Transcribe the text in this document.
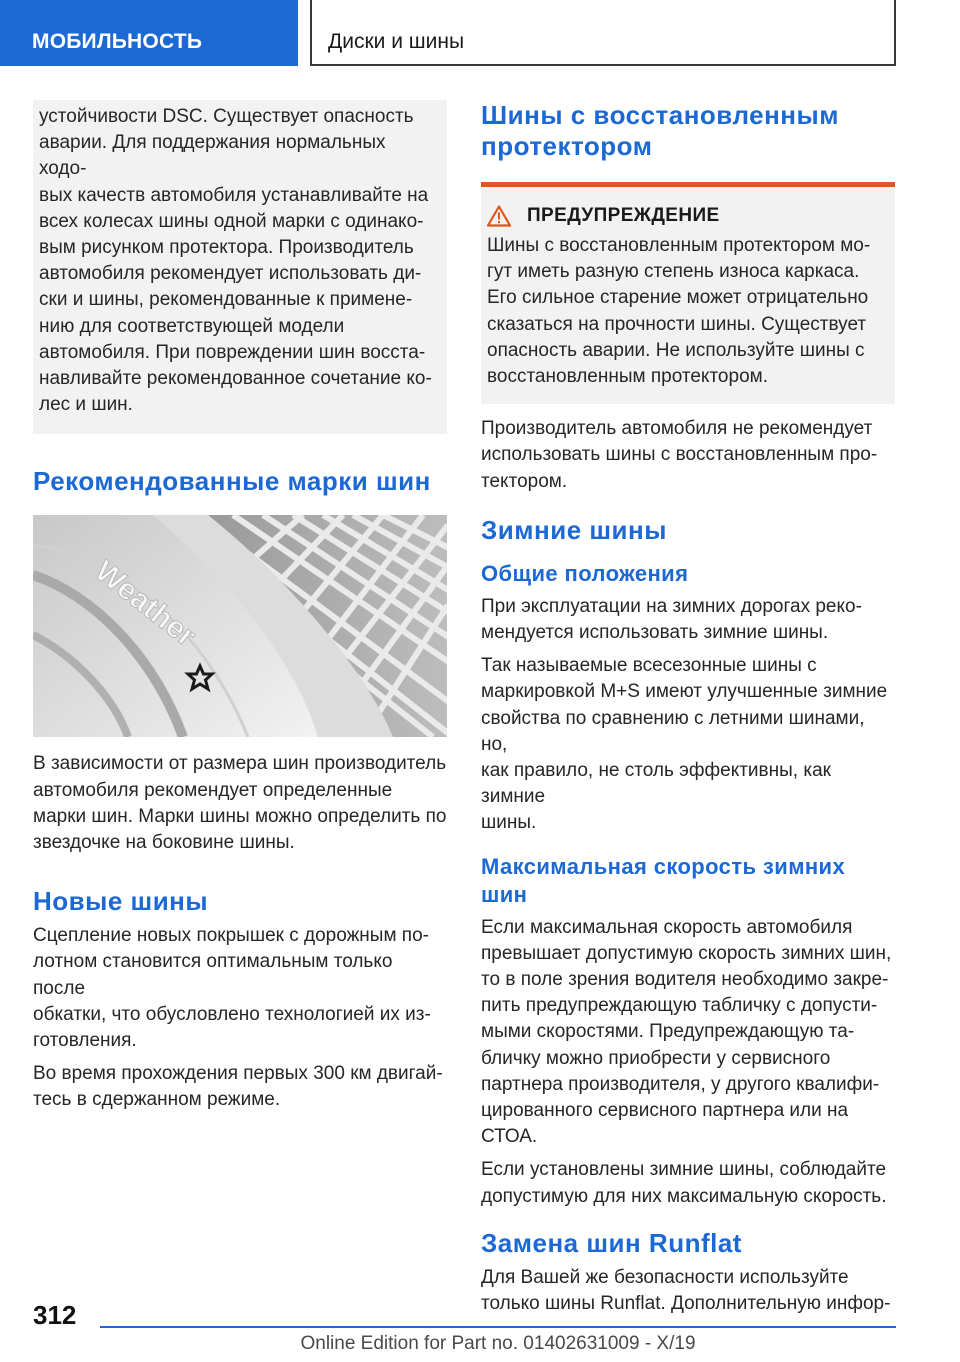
МОБИЛЬНОСТЬ	Диски и шины

устойчивости DSC. Существует опасность
аварии. Для поддержания нормальных ходо-
вых качеств автомобиля устанавливайте на
всех колесах шины одной марки с одинако-
вым рисунком протектора. Производитель
автомобиля рекомендует использовать ди-
ски и шины, рекомендованные к примене-
нию для соответствующей модели
автомобиля. При повреждении шин восста-
навливайте рекомендованное сочетание ко-
лес и шин.

Рекомендованные марки шин
Weather

В зависимости от размера шин производитель
автомобиля рекомендует определенные
марки шин. Марки шины можно определить по
звездочке на боковине шины.

Новые шины

Сцепление новых покрышек с дорожным по-
лотном становится оптимальным только после
обкатки, что обусловлено технологией их из-
готовления.

Во время прохождения первых 300 км двигай-
тесь в сдержанном режиме.

Шины с восстановленным
протектором
ПРЕДУПРЕЖДЕНИЕ

Шины с восстановленным протектором мо-
гут иметь разную степень износа каркаса.
Его сильное старение может отрицательно
сказаться на прочности шины. Существует
опасность аварии. Не используйте шины с
восстановленным протектором.

Производитель автомобиля не рекомендует
использовать шины с восстановленным про-
тектором.

Зимние шины
Общие положения

При эксплуатации на зимних дорогах реко-
мендуется использовать зимние шины.

Так называемые всесезонные шины с
маркировкой M+S имеют улучшенные зимние
свойства по сравнению с летними шинами, но,
как правило, не столь эффективны, как зимние
шины.

Максимальная скорость зимних
шин

Если максимальная скорость автомобиля
превышает допустимую скорость зимних шин,
то в поле зрения водителя необходимо закре-
пить предупреждающую табличку с допусти-
мыми скоростями. Предупреждающую та-
бличку можно приобрести у сервисного
партнера производителя, у другого квалифи-
цированного сервисного партнера или на
СТОА.

Если установлены зимние шины, соблюдайте
допустимую для них максимальную скорость.

Замена шин Runflat

Для Вашей же безопасности используйте
только шины Runflat. Дополнительную инфор-

312
Online Edition for Part no. 01402631009 - X/19
